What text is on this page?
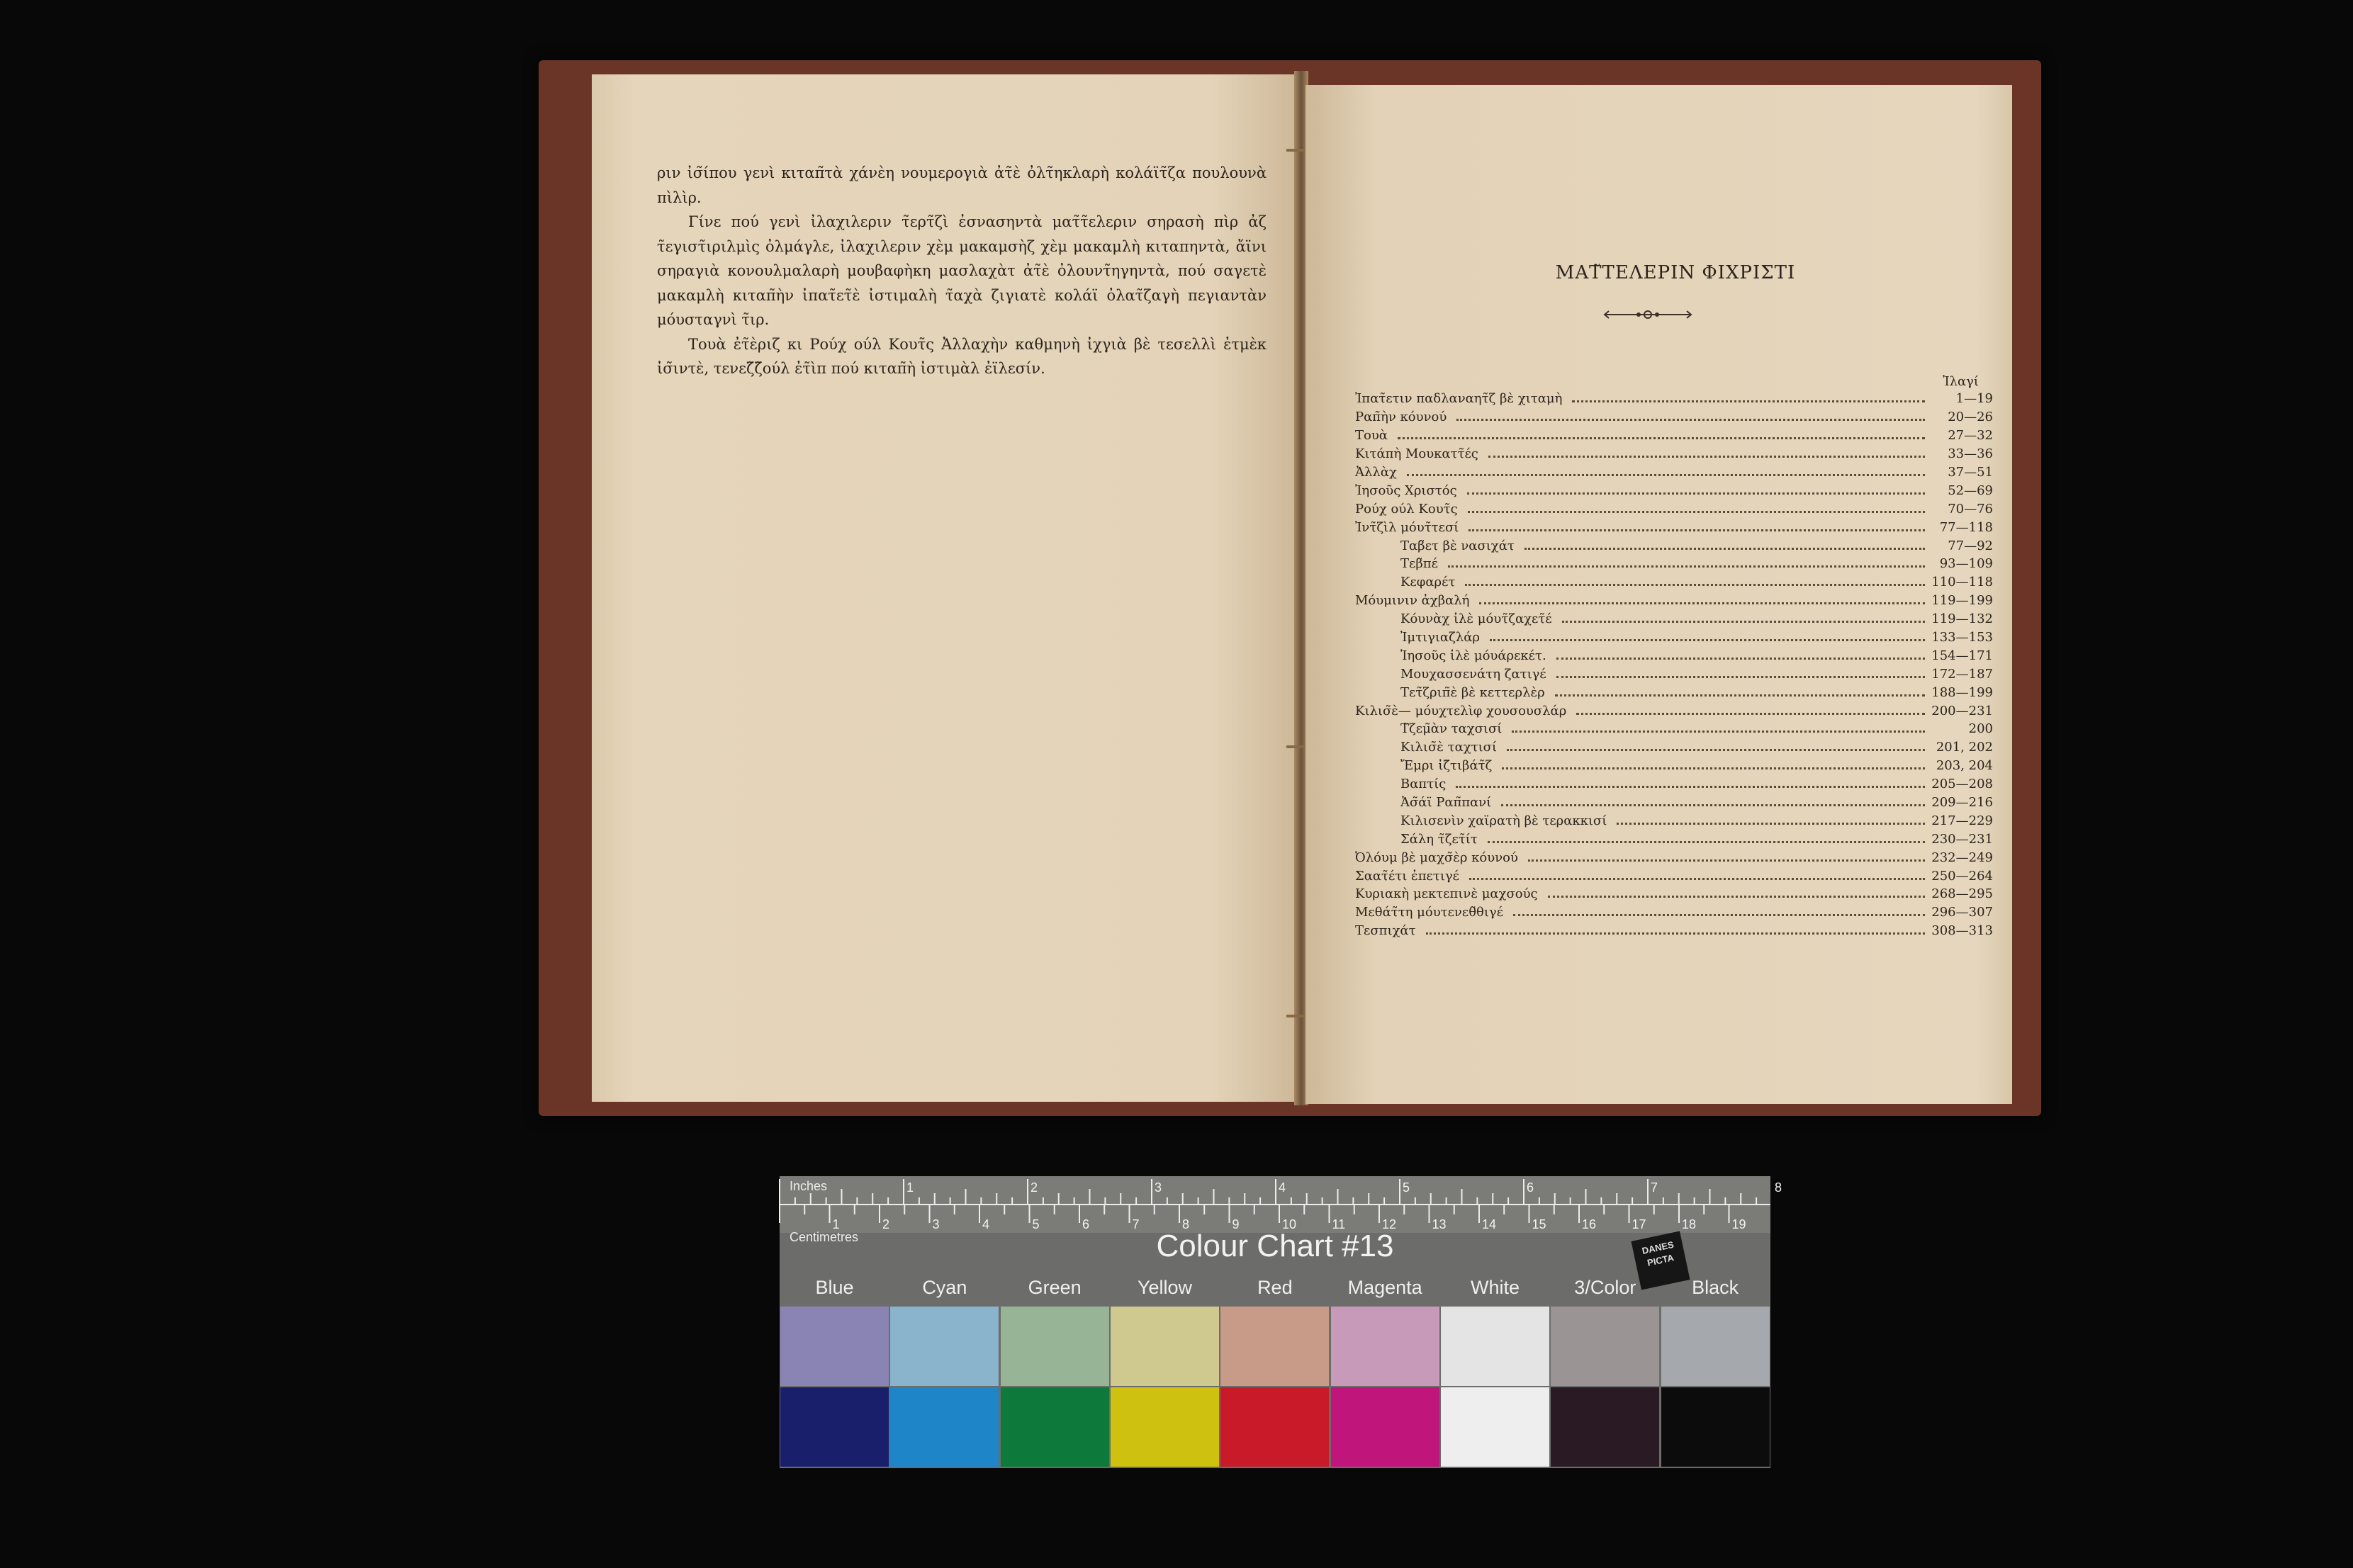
ριν ἰσ̃ίπου γενὶ κιταπ̃τὰ χάνὲη νουμερογιὰ ἀτ̃ὲ ὀλτ̃ηκλαρὴ κολάϊτ̃ζα πουλουνὰ πὶλὶρ.

Γίνε πού γενὶ ἰλαχιλεριν τ̃ερτ̃ζὶ ἐσνασηντὰ ματ̃τ̃ελεριν σηρασὴ πὶρ ἀζ τ̃εγιστ̃ιριλμὶς ὀλμάγλε, ἰλαχιλεριν χὲμ μακαμσὴζ χὲμ μακαμλὴ κιταπηντὰ, ἄϊνι σηραγιὰ κονουλμαλαρὴ μουβαφὴκη μασλαχὰτ ἀτ̃ὲ ὀλουντ̃ηγηντὰ, πού σαγετὲ μακαμλὴ κιταπ̃ὴν ἰπατ̃ετ̃ὲ ἰστιμαλὴ τ̃αχὰ ζιγιατὲ κολάϊ ὀλατ̃ζαγὴ πεγιαντὰν μόυσταγνὶ τ̃ιρ.

Τουὰ ἐτ̃ὲριζ κι Ρούχ ούλ Κουτ̃ς Ἀλλαχὴν καθμηνὴ ἰχγιὰ βὲ τεσελλὶ ἐτμὲκ ἰσ̃ιντὲ, τενεζ̃ζ̃ούλ ἐτ̃ὶπ πού κιταπ̃ὴ ἰστιμὰλ ἐϊλεσίν.

ΜΑΤ̃ΤΕΛΕΡΙΝ ΦΙΧΡΙΣΤΙ
Ἰλαγί
Ἰπατ̃ετιν παδλαναητ̃ζ βὲ χιταμὴ	1—19
Ραπ̃ὴν κόυνού	20—26
Τουὰ	27—32
Κιτάπὴ Μουκαττ̃ές	33—36
Ἀλλὰχ	37—51
Ἰησοῦς Χριστός	52—69
Ρούχ ούλ Κουτ̃ς	70—76
Ἰντ̃ζὶλ μόυτ̃τεσί	77—118
Ταβ̃ετ βὲ νασιχάτ	77—92
Τεβ̃πέ	93—109
Κεφαρέτ	110—118
Μόυμινιν ἀχβαλή	119—199
Κόυνὰχ ἰλὲ μόυτ̃ζαχετ̃έ	119—132
Ἰμτιγιαζλάρ	133—153
Ἰησοῦς ἰλὲ μόυάρεκέτ.	154—171
Μουχασσενάτη ζατιγέ	172—187
Τετ̃ζριπ̃ὲ βὲ κεττερλὲρ	188—199
Κιλισ̃ὲ— μόυχτελὶφ χουσουσλάρ	200—231
Τ̃ζεμ̃ὰν ταχσισί	200
Κιλισ̃ὲ ταχτισί	201, 202
Ἔμρι ἰζ̃τιβάτ̃ζ	203, 204
Βαπτίς	205—208
Ἀσ̃άϊ Ραπ̃πανί	209—216
Κιλισενὶν χαϊρατὴ βὲ τερακκισί	217—229
Σάλη τ̃ζετ̃ίτ	230—231
Ὀλόυμ βὲ μαχσ̃ὲρ κόυνού	232—249
Σαατ̃έτι ἐπετιγέ	250—264
Κυριακὴ μεκτεπινὲ μαχσούς	268—295
Μεθάτ̃τη μόυτενεθ̃θιγέ	296—307
Τεσπιχάτ	308—313
1	2	3	4	5	6	7	8
1	2	3	4	5	6	7	8	9	10	11	12	13	14	15	16	17	18	19
Inches
Centimetres	Colour Chart #13	DANES PICTA
Blue	Cyan	Green	Yellow	Red	Magenta	White	3/Color	Black
